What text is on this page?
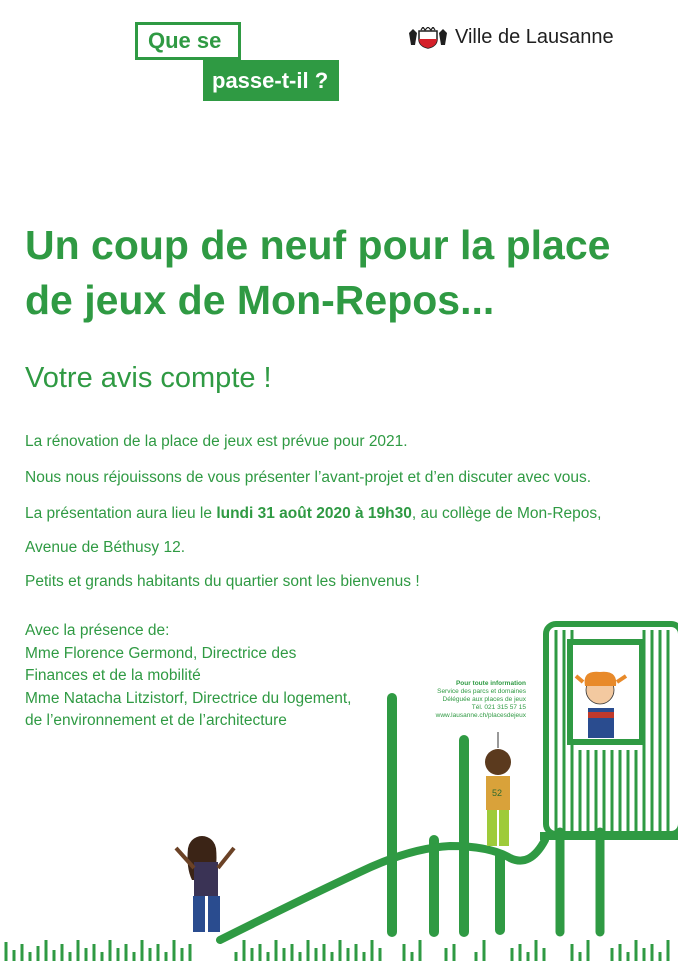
Que se
passe-t-il ?
Ville de Lausanne
Un coup de neuf pour la place de jeux de Mon-Repos...
Votre avis compte !
La rénovation de la place de jeux est prévue pour 2021.
Nous nous réjouissons de vous présenter l’avant-projet et d’en discuter avec vous.
La présentation aura lieu le lundi 31 août 2020 à 19h30, au collège de Mon-Repos,
Avenue de Béthusy 12.
Petits et grands habitants du quartier sont les bienvenus !
Avec la présence de:
Mme Florence Germond, Directrice des Finances et de la mobilité
Mme Natacha Litzistorf, Directrice du logement, de l’environnement et de l’architecture
Pour toute information
Service des parcs et domaines
Déléguée aux places de jeux
Tél. 021 315 57 15
www.lausanne.ch/placesdejeux
52
